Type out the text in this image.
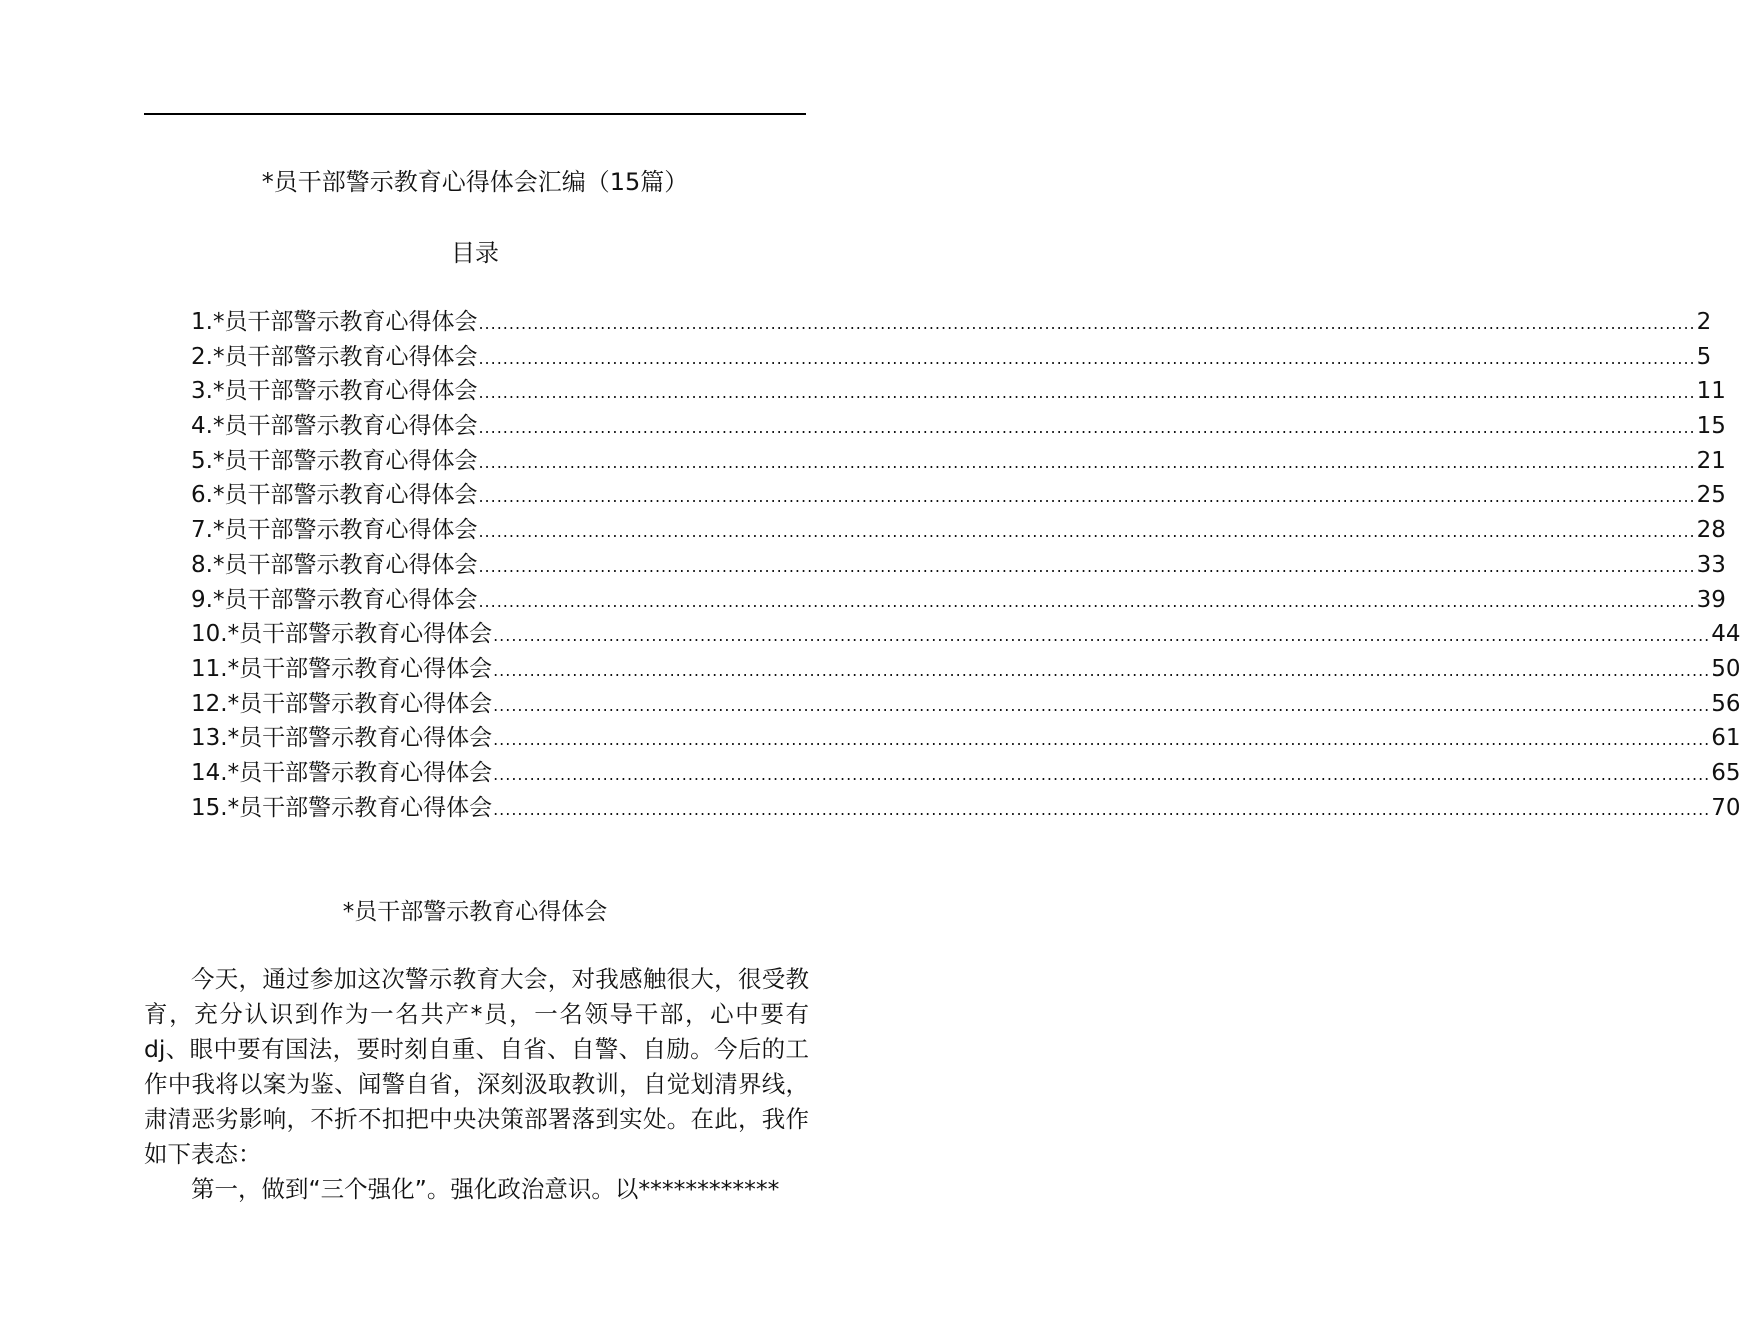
*员干部警示教育心得体会汇编（15篇）
目录
1. *员干部警示教育心得体会 ........................................................................................................................................................................................................ 2
2. *员干部警示教育心得体会 ........................................................................................................................................................................................................ 5
3. *员干部警示教育心得体会 ........................................................................................................................................................................................................ 11
4. *员干部警示教育心得体会 ........................................................................................................................................................................................................ 15
5. *员干部警示教育心得体会 ........................................................................................................................................................................................................ 21
6. *员干部警示教育心得体会 ........................................................................................................................................................................................................ 25
7. *员干部警示教育心得体会 ........................................................................................................................................................................................................ 28
8. *员干部警示教育心得体会 ........................................................................................................................................................................................................ 33
9. *员干部警示教育心得体会 ........................................................................................................................................................................................................ 39
10. *员干部警示教育心得体会 ........................................................................................................................................................................................................ 44
11. *员干部警示教育心得体会 ........................................................................................................................................................................................................ 50
12. *员干部警示教育心得体会 ........................................................................................................................................................................................................ 56
13. *员干部警示教育心得体会 ........................................................................................................................................................................................................ 61
14. *员干部警示教育心得体会 ........................................................................................................................................................................................................ 65
15. *员干部警示教育心得体会 ........................................................................................................................................................................................................ 70
*员干部警示教育心得体会

今天，通过参加这次警示教育大会，对我感触很大，很受教育，充分认识到作为一名共产*员，一名领导干部，心中要有dj、眼中要有国法，要时刻自重、自省、自警、自励。今后的工作中我将以案为鉴、闻警自省，深刻汲取教训，自觉划清界线，肃清恶劣影响，不折不扣把中央决策部署落到实处。在此，我作如下表态：

第一，做到“三个强化”。强化政治意识。以************
